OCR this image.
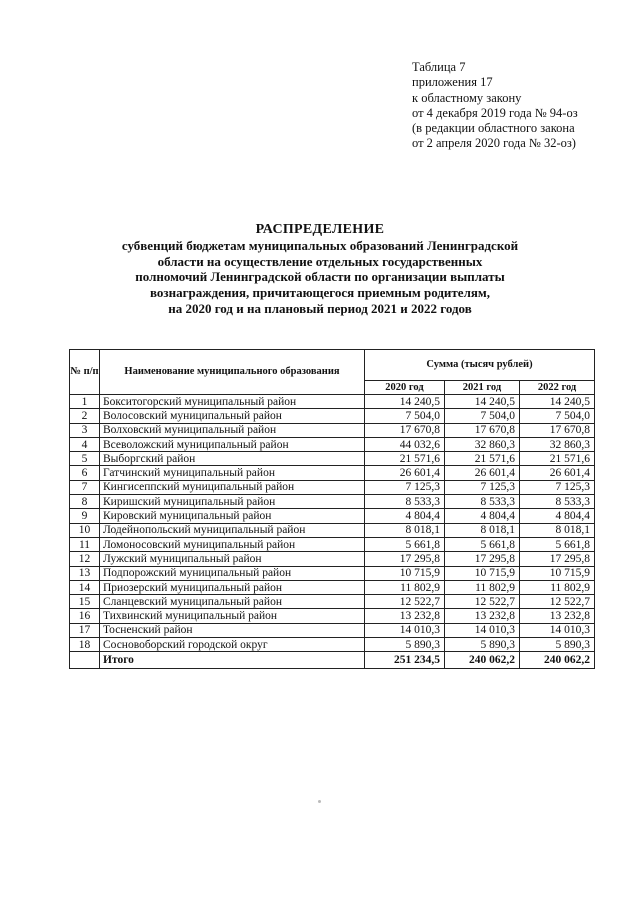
Таблица 7
приложения 17
к областному закону
от 4 декабря 2019 года № 94-оз
(в редакции областного закона
от 2 апреля 2020 года № 32-оз)
РАСПРЕДЕЛЕНИЕ
субвенций бюджетам муниципальных образований Ленинградской
области на осуществление отдельных государственных
полномочий Ленинградской области по организации выплаты
вознаграждения, причитающегося приемным родителям,
на 2020 год и на плановый период 2021 и 2022 годов
№ п/п	Наименование муниципального образования	Сумма (тысяч рублей)		
		2020 год	2021 год	2022 год
1	Бокситогорский муниципальный район	14 240,5	14 240,5	14 240,5
2	Волосовский муниципальный район	7 504,0	7 504,0	7 504,0
3	Волховский муниципальный район	17 670,8	17 670,8	17 670,8
4	Всеволожский муниципальный район	44 032,6	32 860,3	32 860,3
5	Выборгский район	21 571,6	21 571,6	21 571,6
6	Гатчинский муниципальный район	26 601,4	26 601,4	26 601,4
7	Кингисеппский муниципальный район	7 125,3	7 125,3	7 125,3
8	Киришский муниципальный район	8 533,3	8 533,3	8 533,3
9	Кировский муниципальный район	4 804,4	4 804,4	4 804,4
10	Лодейнопольский муниципальный район	8 018,1	8 018,1	8 018,1
11	Ломоносовский муниципальный район	5 661,8	5 661,8	5 661,8
12	Лужский муниципальный район	17 295,8	17 295,8	17 295,8
13	Подпорожский муниципальный район	10 715,9	10 715,9	10 715,9
14	Приозерский муниципальный район	11 802,9	11 802,9	11 802,9
15	Сланцевский муниципальный район	12 522,7	12 522,7	12 522,7
16	Тихвинский муниципальный район	13 232,8	13 232,8	13 232,8
17	Тосненский район	14 010,3	14 010,3	14 010,3
18	Сосновоборский городской округ	5 890,3	5 890,3	5 890,3
	Итого	251 234,5	240 062,2	240 062,2
